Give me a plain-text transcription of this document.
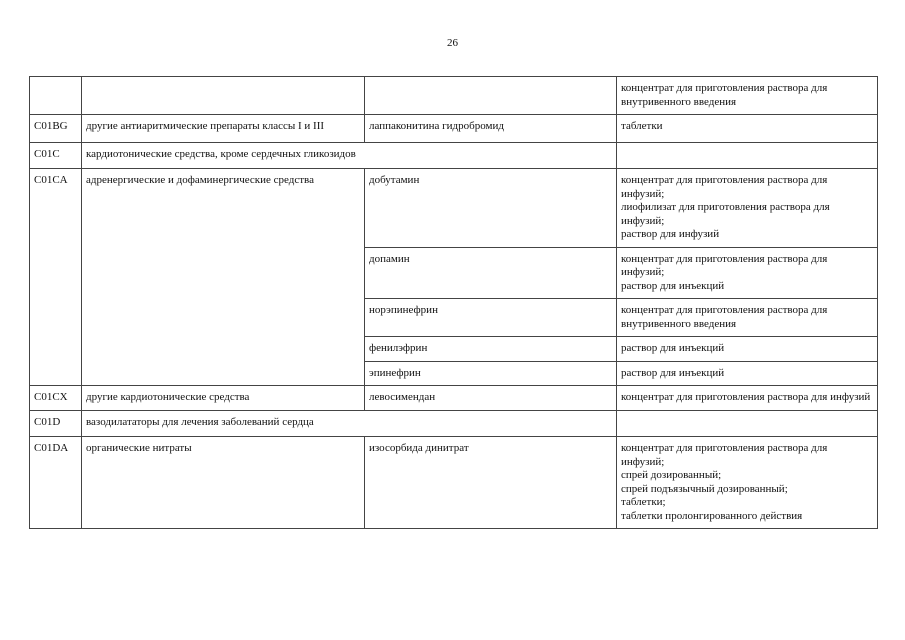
26

			концентрат для приготовления раствора для
внутривенного введения

C01BG	другие антиаритмические препараты классы I и III	лаппаконитина гидробромид	таблетки

C01C	кардиотонические средства, кроме сердечных гликозидов		

C01CA	адренергические и дофаминергические средства	добутамин	концентрат для приготовления раствора для инфузий;
лиофилизат для приготовления раствора для инфузий;
раствор для инфузий

		допамин	концентрат для приготовления раствора для инфузий;
раствор для инъекций

		норэпинефрин	концентрат для приготовления раствора для внутривенного введения

		фенилэфрин	раствор для инъекций

		эпинефрин	раствор для инъекций

C01CX	другие кардиотонические средства	левосимендан	концентрат для приготовления раствора для инфузий

C01D	вазодилататоры для лечения заболеваний сердца		

C01DA	органические нитраты	изосорбида динитрат	концентрат для приготовления раствора для инфузий;
спрей дозированный;
спрей подъязычный дозированный;
таблетки;
таблетки пролонгированного действия
